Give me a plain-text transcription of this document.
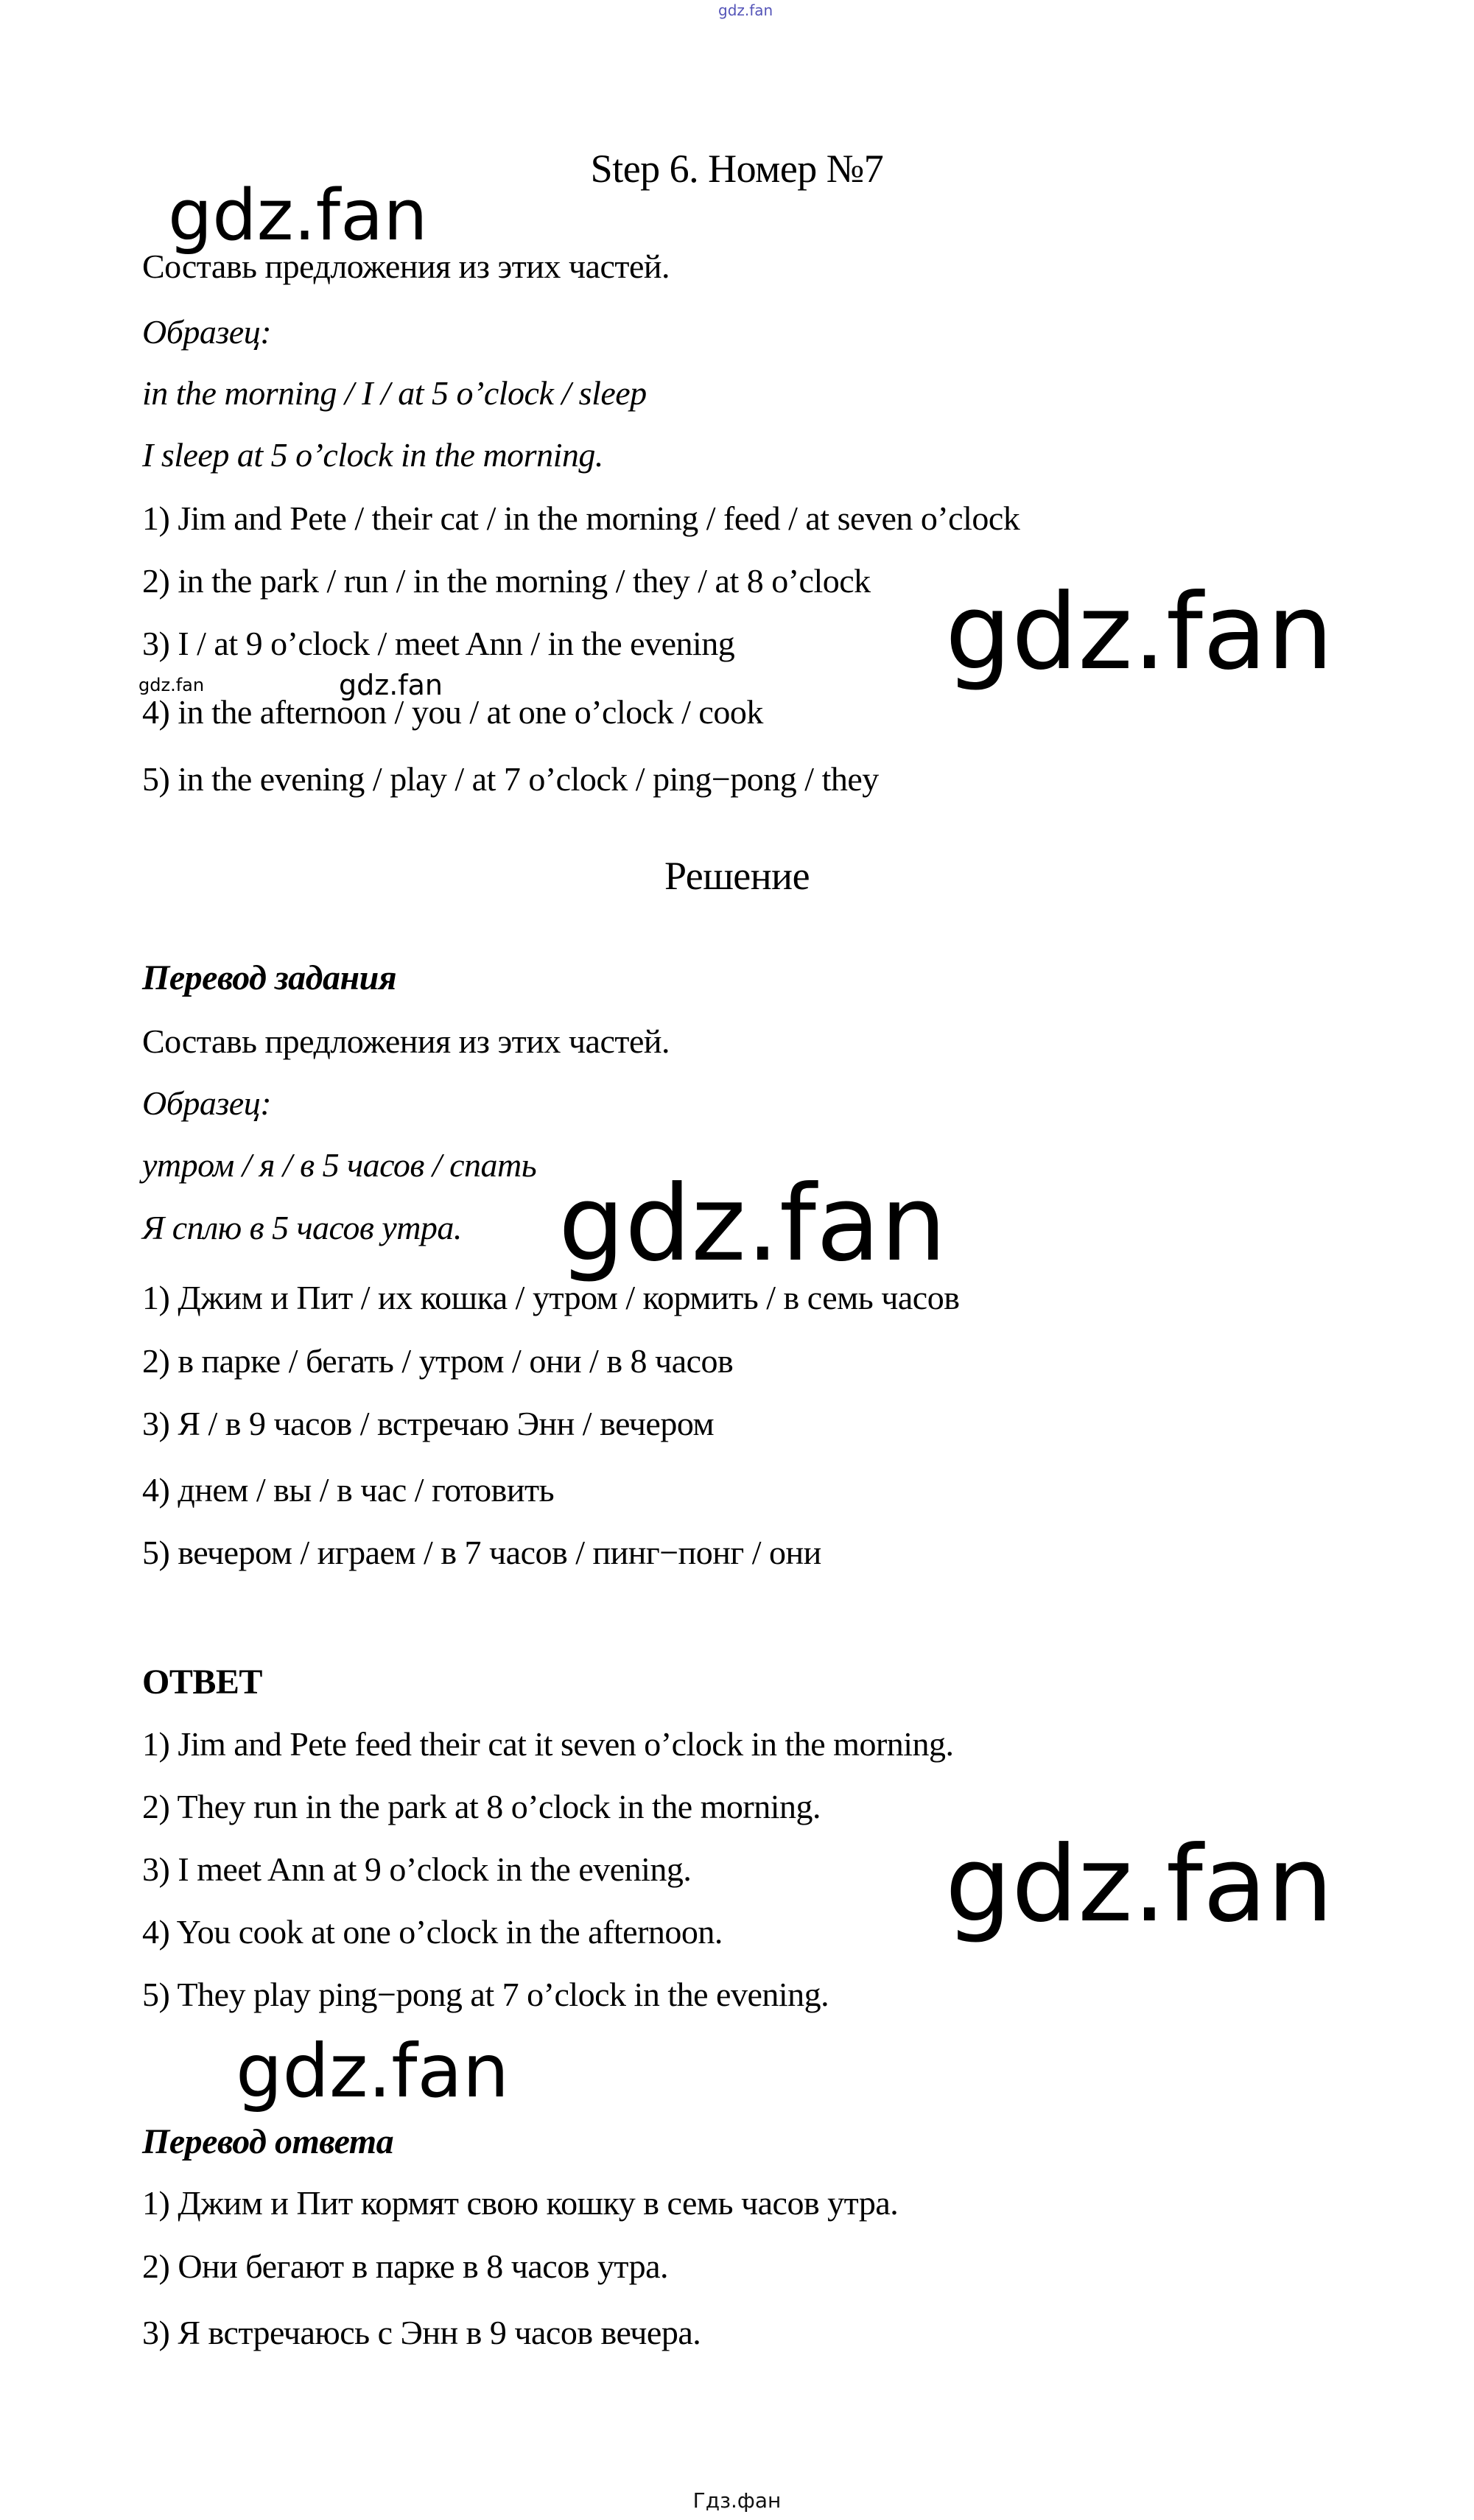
gdz.fan
gdz.fan
gdz.fan
gdz.fan	gdz.fan
gdz.fan
gdz.fan
gdz.fan
Step 6. Номер №7
Составь предложения из этих частей.
Образец:
in the morning / I / at 5 o’clock / sleep
I sleep at 5 o’clock in the morning.
1) Jim and Pete / their cat / in the morning / feed / at seven o’clock
2) in the park / run / in the morning / they / at 8 o’clock
3) I / at 9 o’clock / meet Ann / in the evening
4) in the afternoon / you / at one o’clock / cook
5) in the evening / play / at 7 o’clock / ping−pong / they
Решение
Перевод задания
Составь предложения из этих частей.
Образец:
утром / я / в 5 часов / спать
Я сплю в 5 часов утра.
1) Джим и Пит / их кошка / утром / кормить / в семь часов
2) в парке / бегать / утром / они / в 8 часов
3) Я / в 9 часов / встречаю Энн / вечером
4) днем / вы / в час / готовить
5) вечером / играем / в 7 часов / пинг−понг / они
ОТВЕТ
1) Jim and Pete feed their cat it seven o’clock in the morning.
2) They run in the park at 8 o’clock in the morning.
3) I meet Ann at 9 o’clock in the evening.
4) You cook at one o’clock in the afternoon.
5) They play ping−pong at 7 o’clock in the evening.
Перевод ответа
1) Джим и Пит кормят свою кошку в семь часов утра.
2) Они бегают в парке в 8 часов утра.
3) Я встречаюсь с Энн в 9 часов вечера.
Гдз.фан
